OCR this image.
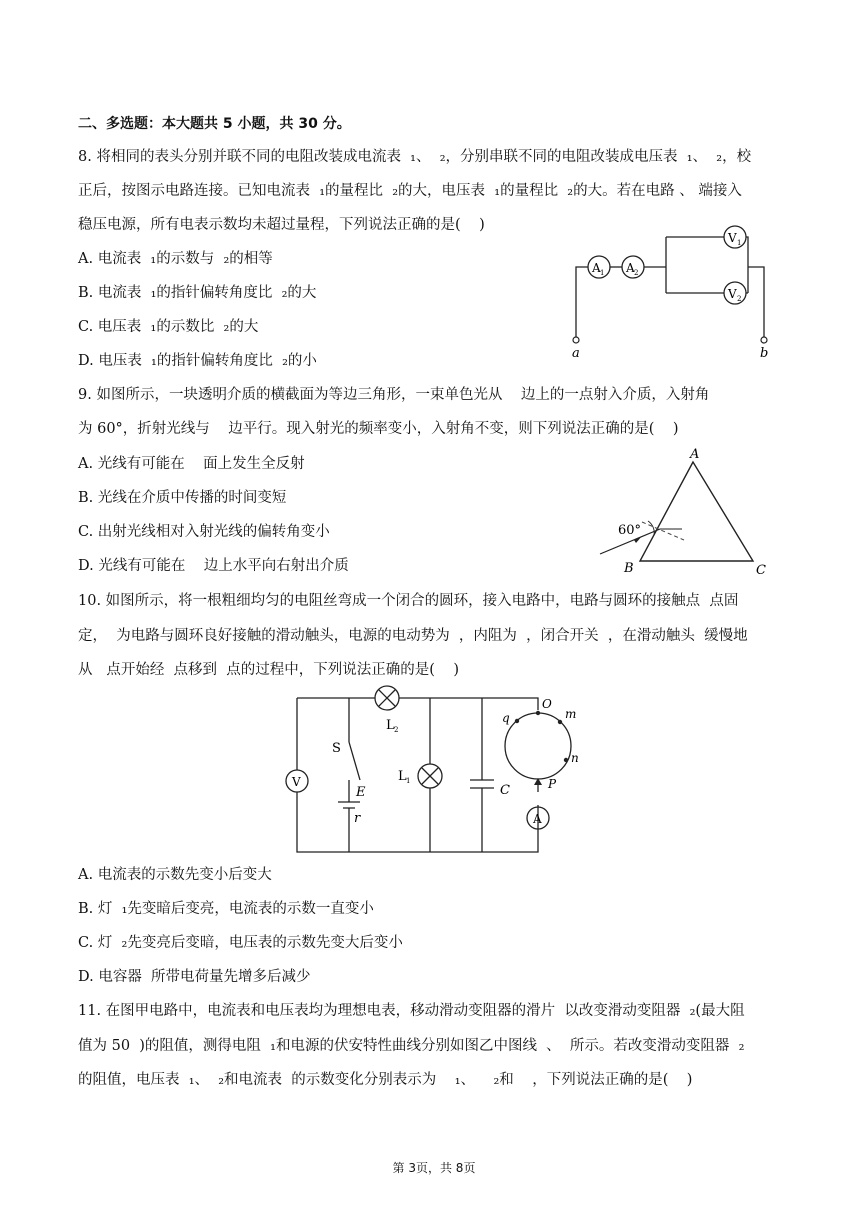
二、多选题：本大题共 5 小题，共 30 分。
8. 将相同的表头分别并联不同的电阻改装成电流表  ₁、  ₂，分别串联不同的电阻改装成电压表  ₁、  ₂，校
正后，按图示电路连接。已知电流表  ₁的量程比  ₂的大，电压表  ₁的量程比  ₂的大。若在电路 、 端接入
稳压电源，所有电表示数均未超过量程，下列说法正确的是(    )
A. 电流表  ₁的示数与  ₂的相等
B. 电流表  ₁的指针偏转角度比  ₂的大
C. 电压表  ₁的示数比  ₂的大
D. 电压表  ₁的指针偏转角度比  ₂的小
A 1 A 2
V 1
V 2
a	b
9. 如图所示，一块透明介质的横截面为等边三角形，一束单色光从    边上的一点射入介质，入射角
为 60°，折射光线与    边平行。现入射光的频率变小，入射角不变，则下列说法正确的是(    )
A. 光线有可能在    面上发生全反射
B. 光线在介质中传播的时间变短
C. 出射光线相对入射光线的偏转角变小
D. 光线有可能在    边上水平向右射出介质
60°
A
B	C
10. 如图所示，将一根粗细均匀的电阻丝弯成一个闭合的圆环，接入电路中，电路与圆环的接触点  点固
定，  为电路与圆环良好接触的滑动触头，电源的电动势为  ，内阻为  ，闭合开关  ，在滑动触头  缓慢地
从   点开始经  点移到  点的过程中，下列说法正确的是(    )
V
A
S
E
r
L 1
L 2
C
O
m
n
q
P
A. 电流表的示数先变小后变大
B. 灯  ₁先变暗后变亮，电流表的示数一直变小
C. 灯  ₂先变亮后变暗，电压表的示数先变大后变小
D. 电容器  所带电荷量先增多后减少
11. 在图甲电路中，电流表和电压表均为理想电表，移动滑动变阻器的滑片  以改变滑动变阻器  ₂(最大阻
值为 50  )的阻值，测得电阻  ₁和电源的伏安特性曲线分别如图乙中图线  、  所示。若改变滑动变阻器  ₂
的阻值，电压表  ₁、  ₂和电流表  的示数变化分别表示为    ₁、    ₂和    ，下列说法正确的是(    )
第 3页，共 8页
